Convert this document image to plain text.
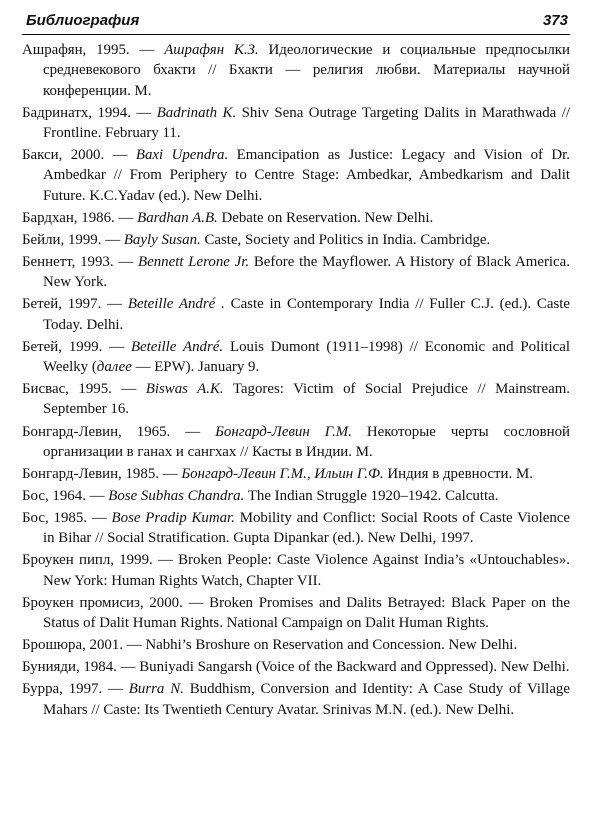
Библиография	373

Ашрафян, 1995. — Ашрафян К.З. Идеологические и социальные предпосылки средневекового бхакти // Бхакти — религия любви. Материалы научной конференции. М.

Бадринатх, 1994. — Badrinath K. Shiv Sena Outrage Targeting Dalits in Marathwada // Frontline. February 11.

Бакси, 2000. — Baxi Upendra. Emancipation as Justice: Legacy and Vision of Dr. Ambedkar // From Periphery to Centre Stage: Ambedkar, Ambedkarism and Dalit Future. K.C.Yadav (ed.). New Delhi.

Бардхан, 1986. — Bardhan A.B. Debate on Reservation. New Delhi.

Бейли, 1999. — Bayly Susan. Caste, Society and Politics in India. Cambridge.

Беннетт, 1993. — Bennett Lerone Jr. Before the Mayflower. A History of Black America. New York.

Бетей, 1997. — Beteille André . Caste in Contemporary India // Fuller C.J. (ed.). Caste Today. Delhi.

Бетей, 1999. — Beteille André. Louis Dumont (1911–1998) // Economic and Political Weelky (далее — EPW). January 9.

Бисвас, 1995. — Biswas A.K. Tagores: Victim of Social Prejudice // Mainstream. September 16.

Бонгард-Левин, 1965. — Бонгард-Левин Г.М. Некоторые черты сословной организации в ганах и сангхах // Касты в Индии. М.

Бонгард-Левин, 1985. — Бонгард-Левин Г.М., Ильин Г.Ф. Индия в древности. М.

Бос, 1964. — Bose Subhas Chandra. The Indian Struggle 1920–1942. Calcutta.

Бос, 1985. — Bose Pradip Kumar. Mobility and Conflict: Social Roots of Caste Violence in Bihar // Social Stratification. Gupta Dipankar (ed.). New Delhi, 1997.

Броукен пипл, 1999. — Broken People: Caste Violence Against India’s «Untouchables». New York: Human Rights Watch, Chapter VII.

Броукен промисиз, 2000. — Broken Promises and Dalits Betrayed: Black Paper on the Status of Dalit Human Rights. National Campaign on Dalit Human Rights.

Брошюра, 2001. — Nabhi’s Broshure on Reservation and Concession. New Delhi.

Бунияди, 1984. — Buniyadi Sangarsh (Voice of the Backward and Oppressed). New Delhi.

Бурра, 1997. — Burra N. Buddhism, Conversion and Identity: A Case Study of Village Mahars // Caste: Its Twentieth Century Avatar. Srinivas M.N. (ed.). New Delhi.
